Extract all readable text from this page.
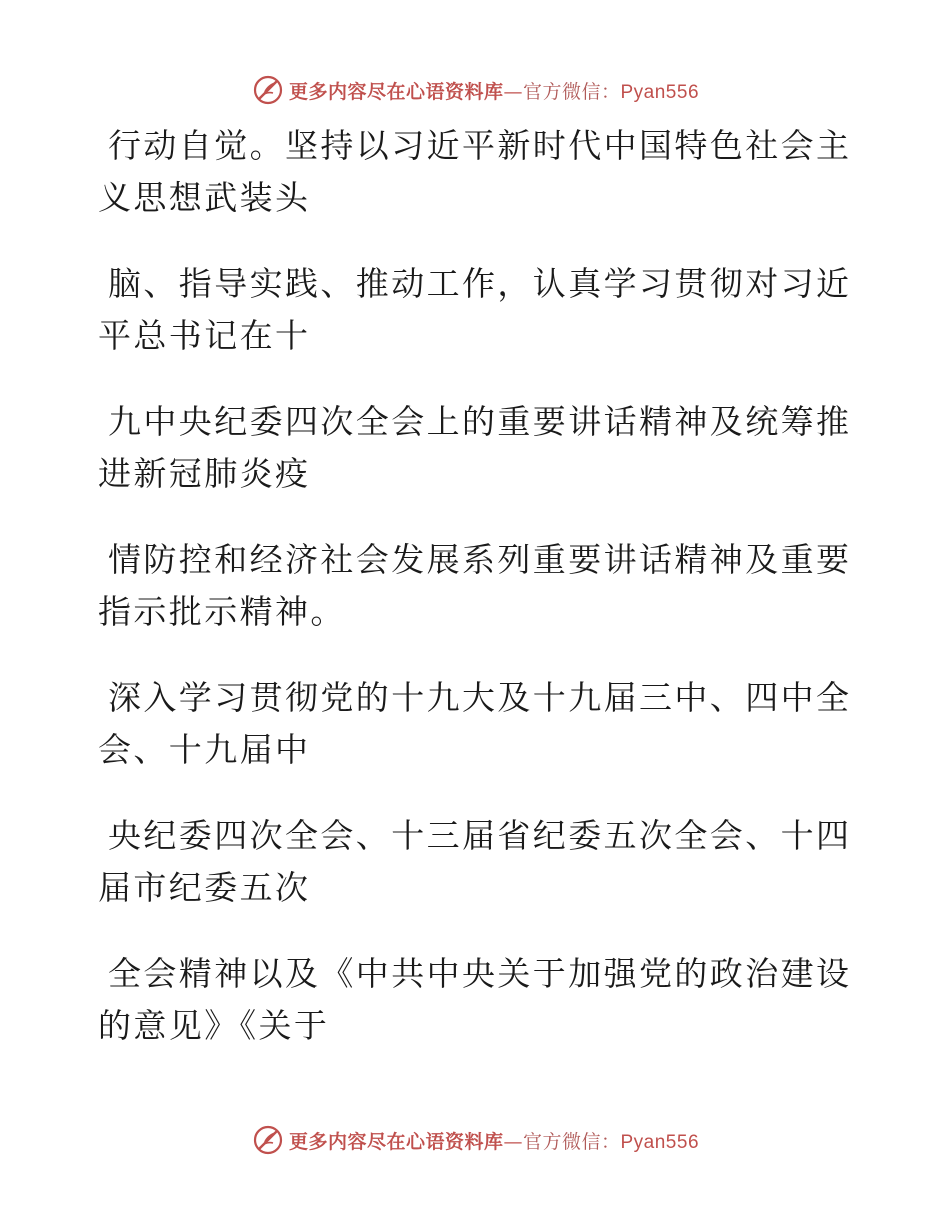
更多内容尽在心语资料库—官方微信：Pyan556

行动自觉。坚持以习近平新时代中国特色社会主
义思想武装头

脑、指导实践、推动工作，认真学习贯彻对习近
平总书记在十

九中央纪委四次全会上的重要讲话精神及统筹推
进新冠肺炎疫

情防控和经济社会发展系列重要讲话精神及重要
指示批示精神。

深入学习贯彻党的十九大及十九届三中、四中全
会、十九届中

央纪委四次全会、十三届省纪委五次全会、十四
届市纪委五次

全会精神以及《中共中央关于加强党的政治建设
的意见》《关于

更多内容尽在心语资料库—官方微信：Pyan556
